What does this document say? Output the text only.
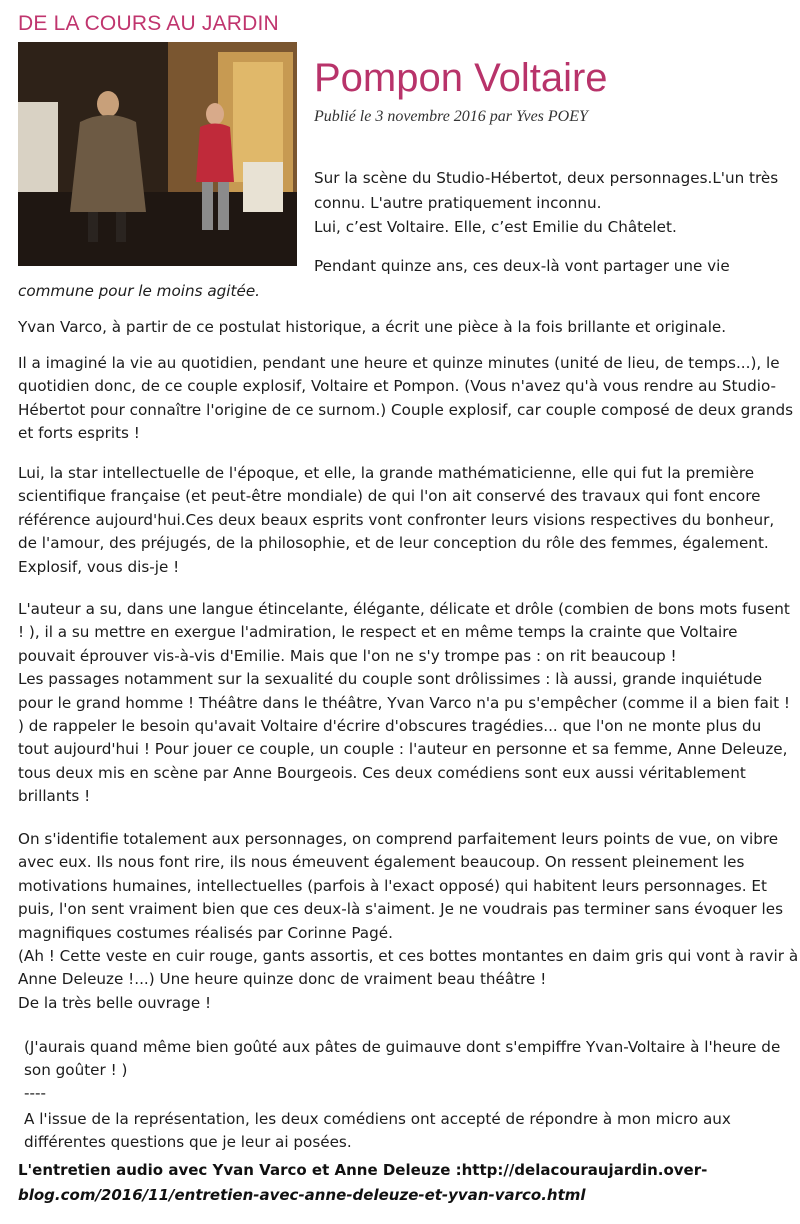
DE LA COURS AU JARDIN
Pompon Voltaire
Publié le 3 novembre 2016 par Yves POEY
Sur la scène du Studio-Hébertot, deux personnages.L'un très
connu. L'autre pratiquement inconnu.
Lui, c’est Voltaire. Elle, c’est Emilie du Châtelet.
Pendant quinze ans, ces deux-là vont partager une vie
commune pour le moins agitée.
Yvan Varco, à partir de ce postulat historique, a écrit une pièce à la fois brillante et originale.
Il a imaginé la vie au quotidien, pendant une heure et quinze minutes (unité de lieu, de temps...), le
quotidien donc, de ce couple explosif, Voltaire et Pompon. (Vous n'avez qu'à vous rendre au Studio-
Hébertot pour connaître l'origine de ce surnom.) Couple explosif, car couple composé de deux grands
et forts esprits !
Lui, la star intellectuelle de l'époque, et elle, la grande mathématicienne, elle qui fut la première
scientifique française (et peut-être mondiale) de qui l'on ait conservé des travaux qui font encore
référence aujourd'hui.Ces deux beaux esprits vont confronter leurs visions respectives du bonheur,
de l'amour, des préjugés, de la philosophie, et de leur conception du rôle des femmes, également.
Explosif, vous dis-je !
L'auteur a su, dans une langue étincelante, élégante, délicate et drôle (combien de bons mots fusent
! ), il a su mettre en exergue l'admiration, le respect et en même temps la crainte que Voltaire
pouvait éprouver vis-à-vis d'Emilie. Mais que l'on ne s'y trompe pas : on rit beaucoup !
Les passages notamment sur la sexualité du couple sont drôlissimes : là aussi, grande inquiétude
pour le grand homme ! Théâtre dans le théâtre, Yvan Varco n'a pu s'empêcher (comme il a bien fait !
) de rappeler le besoin qu'avait Voltaire d'écrire d'obscures tragédies... que l'on ne monte plus du
tout aujourd'hui ! Pour jouer ce couple, un couple : l'auteur en personne et sa femme, Anne Deleuze,
tous deux mis en scène par Anne Bourgeois. Ces deux comédiens sont eux aussi véritablement
brillants !
On s'identifie totalement aux personnages, on comprend parfaitement leurs points de vue, on vibre
avec eux. Ils nous font rire, ils nous émeuvent également beaucoup. On ressent pleinement les
motivations humaines, intellectuelles (parfois à l'exact opposé) qui habitent leurs personnages. Et
puis, l'on sent vraiment bien que ces deux-là s'aiment. Je ne voudrais pas terminer sans évoquer les
magnifiques costumes réalisés par Corinne Pagé.
(Ah ! Cette veste en cuir rouge, gants assortis, et ces bottes montantes en daim gris qui vont à ravir à
Anne Deleuze !...) Une heure quinze donc de vraiment beau théâtre !
De la très belle ouvrage !
(J'aurais quand même bien goûté aux pâtes de guimauve dont s'empiffre Yvan-Voltaire à l'heure de
son goûter ! )
----
A l'issue de la représentation, les deux comédiens ont accepté de répondre à mon micro aux
différentes questions que je leur ai posées.
L'entretien audio avec Yvan Varco et Anne Deleuze :http://delacouraujardin.over-
blog.com/2016/11/entretien-avec-anne-deleuze-et-yvan-varco.html
